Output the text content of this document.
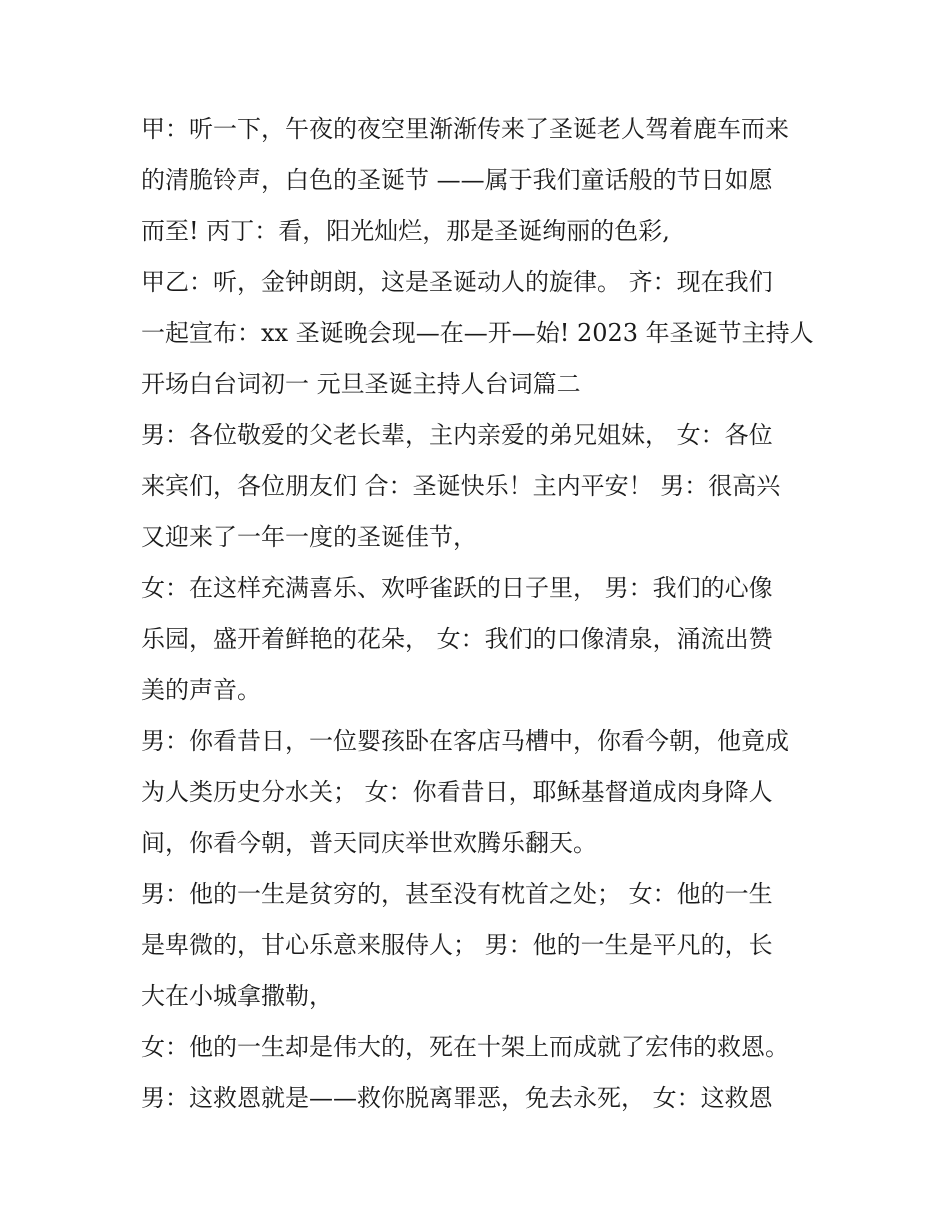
甲：听一下，午夜的夜空里渐渐传来了圣诞老人驾着鹿车而来
的清脆铃声，白色的圣诞节 ——属于我们童话般的节日如愿
而至! 丙丁：看，阳光灿烂，那是圣诞绚丽的色彩,
甲乙：听，金钟朗朗，这是圣诞动人的旋律。 齐：现在我们
一起宣布：xx 圣诞晚会现—在—开—始! 2023 年圣诞节主持人
开场白台词初一 元旦圣诞主持人台词篇二
男：各位敬爱的父老长辈，主内亲爱的弟兄姐妹， 女：各位
来宾们，各位朋友们 合：圣诞快乐！主内平安！ 男：很高兴
又迎来了一年一度的圣诞佳节，
女：在这样充满喜乐、欢呼雀跃的日子里， 男：我们的心像
乐园，盛开着鲜艳的花朵， 女：我们的口像清泉，涌流出赞
美的声音。
男：你看昔日，一位婴孩卧在客店马槽中，你看今朝，他竟成
为人类历史分水关； 女：你看昔日，耶稣基督道成肉身降人
间，你看今朝，普天同庆举世欢腾乐翻天。
男：他的一生是贫穷的，甚至没有枕首之处； 女：他的一生
是卑微的，甘心乐意来服侍人； 男：他的一生是平凡的，长
大在小城拿撒勒，
女：他的一生却是伟大的，死在十架上而成就了宏伟的救恩。
男：这救恩就是——救你脱离罪恶，免去永死， 女：这救恩
